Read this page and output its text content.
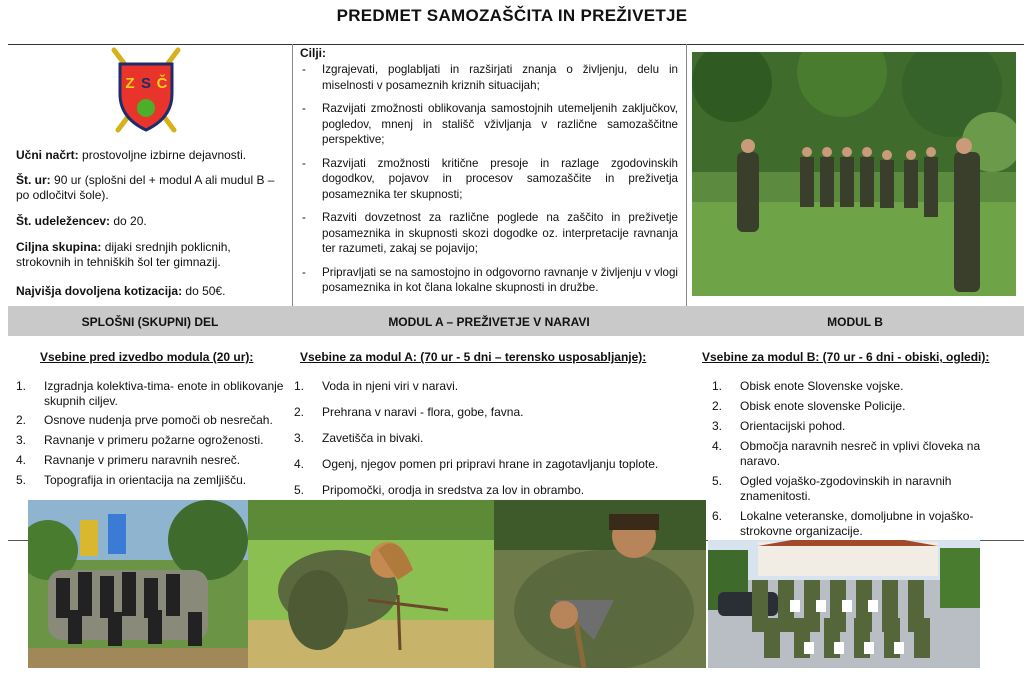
PREDMET SAMOZAŠČITA IN PREŽIVETJE
Z S Č
Učni načrt: prostovoljne izbirne dejavnosti.
Št. ur: 90 ur (splošni del + modul A ali mudul B – po odločitvi šole).
Št. udeležencev: do 20.
Ciljna skupina: dijaki srednjih poklicnih, strokovnih in tehniških šol ter gimnazij.
Najvišja dovoljena kotizacija: do 50€.
Cilji:
- Izgrajevati, poglabljati in razširjati znanja o življenju, delu in miselnosti v posameznih kriznih situacijah;
- Razvijati zmožnosti oblikovanja samostojnih utemeljenih zaključkov, pogledov, mnenj in stališč vživljanja v različne samozaščitne perspektive;
- Razvijati zmožnosti kritične presoje in razlage zgodovinskih dogodkov, pojavov in procesov samozaščite in preživetja posameznika ter skupnosti;
- Razviti dovzetnost za različne poglede na zaščito in preživetje posameznika in skupnosti skozi dogodke oz. interpretacije ravnanja ter razumeti, zakaj se pojavijo;
- Pripravljati se na samostojno in odgovorno ravnanje v življenju v vlogi posameznika in kot člana lokalne skupnosti in družbe.
SPLOŠNI (SKUPNI) DEL	MODUL A – PREŽIVETJE V NARAVI	MODUL B
Vsebine pred izvedbo modula (20 ur):	Vsebine za modul A: (70 ur - 5 dni – terensko usposabljanje):	Vsebine za modul B: (70 ur - 6 dni - obiski, ogledi):
1. Izgradnja kolektiva-tima- enote in oblikovanje skupnih ciljev.
2. Osnove nudenja prve pomoči ob nesrečah.
3. Ravnanje v primeru požarne ogroženosti.
4. Ravnanje v primeru naravnih nesreč.
5. Topografija in orientacija na zemljišču.
1. Voda in njeni viri v naravi.
2. Prehrana v naravi - flora, gobe, favna.
3. Zavetišča in bivaki.
4. Ogenj, njegov pomen pri pripravi hrane in zagotavljanju toplote.
5. Pripomočki, orodja in sredstva za lov in obrambo.
1. Obisk enote Slovenske vojske.
2. Obisk enote slovenske Policije.
3. Orientacijski pohod.
4. Območja naravnih nesreč in vplivi človeka na naravo.
5. Ogled vojaško-zgodovinskih in naravnih znamenitosti.
6. Lokalne veteranske, domoljubne in vojaško-strokovne organizacije.
